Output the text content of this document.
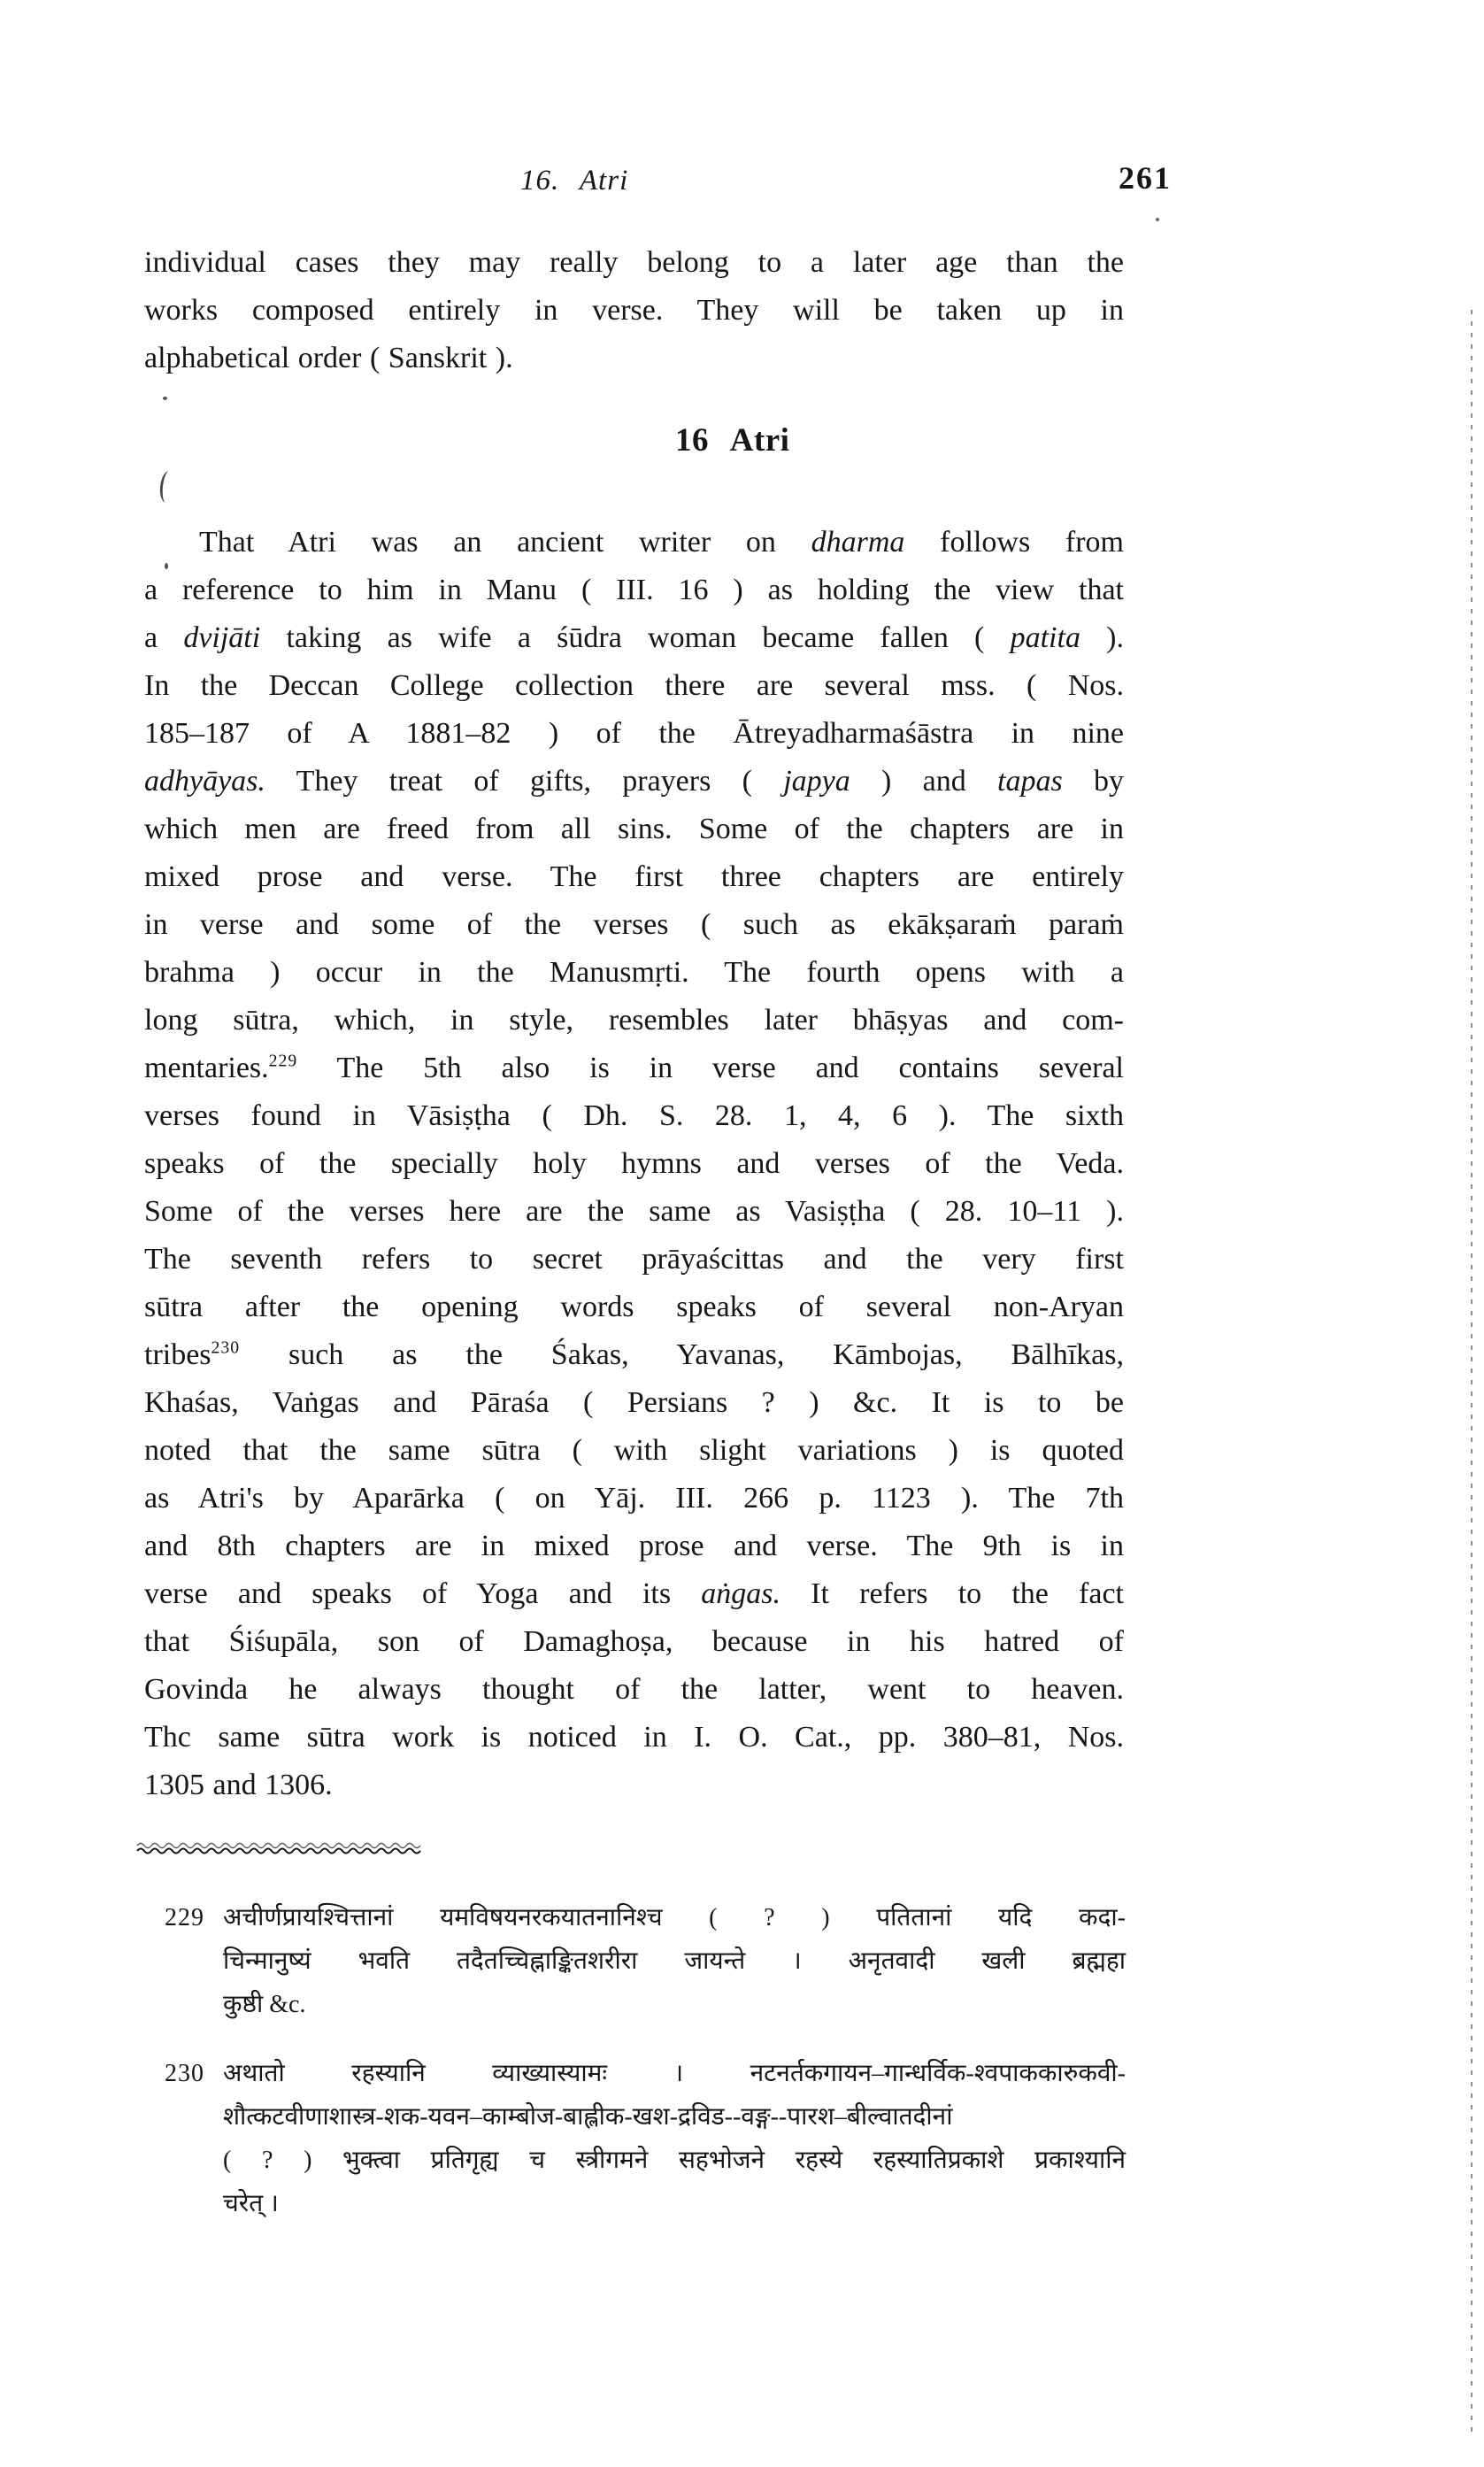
16. Atri	261
individual cases they may really belong to a later age than the
works composed entirely in verse. They will be taken up in
alphabetical order ( Sanskrit ).
16 Atri
That Atri was an ancient writer on dharma follows from
a reference to him in Manu ( III. 16 ) as holding the view that
a dvijāti taking as wife a śūdra woman became fallen ( patita ).
In the Deccan College collection there are several mss. ( Nos.
185–187 of A 1881–82 ) of the Ātreyadharmaśāstra in nine
adhyāyas. They treat of gifts, prayers ( japya ) and tapas by
which men are freed from all sins. Some of the chapters are in
mixed prose and verse. The first three chapters are entirely
in verse and some of the verses ( such as ekākṣaraṁ paraṁ
brahma ) occur in the Manusmṛti. The fourth opens with a
long sūtra, which, in style, resembles later bhāṣyas and com-
mentaries.$^{229}$ The 5th also is in verse and contains several
verses found in Vāsiṣṭha ( Dh. S. 28. 1, 4, 6 ). The sixth
speaks of the specially holy hymns and verses of the Veda.
Some of the verses here are the same as Vasiṣṭha ( 28. 10–11 ).
The seventh refers to secret prāyaścittas and the very first
sūtra after the opening words speaks of several non-Aryan
tribes$^{230}$ such as the Śakas, Yavanas, Kāmbojas, Bālhīkas,
Khaśas, Vaṅgas and Pāraśa ( Persians ? ) &c. It is to be
noted that the same sūtra ( with slight variations ) is quoted
as Atri's by Aparārka ( on Yāj. III. 266 p. 1123 ). The 7th
and 8th chapters are in mixed prose and verse. The 9th is in
verse and speaks of Yoga and its aṅgas. It refers to the fact
that Śiśupāla, son of Damaghoṣa, because in his hatred of
Govinda he always thought of the latter, went to heaven.
Thc same sūtra work is noticed in I. O. Cat., pp. 380–81, Nos.
1305 and 1306.
229 अचीर्णप्रायश्चित्तानां यमविषयनरकयातनानिश्च ( ? ) पतितानां यदि कदा-
चिन्मानुष्यं भवति तदैतच्चिह्नाङ्कितशरीरा जायन्ते । अनृतवादी खली ब्रह्महा
कुष्ठी &c.
230 अथातो रहस्यानि व्याख्यास्यामः । नटनर्तकगायन–गान्धर्विक-श्वपाककारुकवी-
शौत्कटवीणाशास्त्र-शक-यवन–काम्बोज-बाह्लीक-खश-द्रविड--वङ्ग--पारश–बील्वातदीनां
( ? ) भुक्त्वा प्रतिगृह्य च स्त्रीगमने सहभोजने रहस्ये रहस्यातिप्रकाशे प्रकाश्यानि
चरेत् ।
